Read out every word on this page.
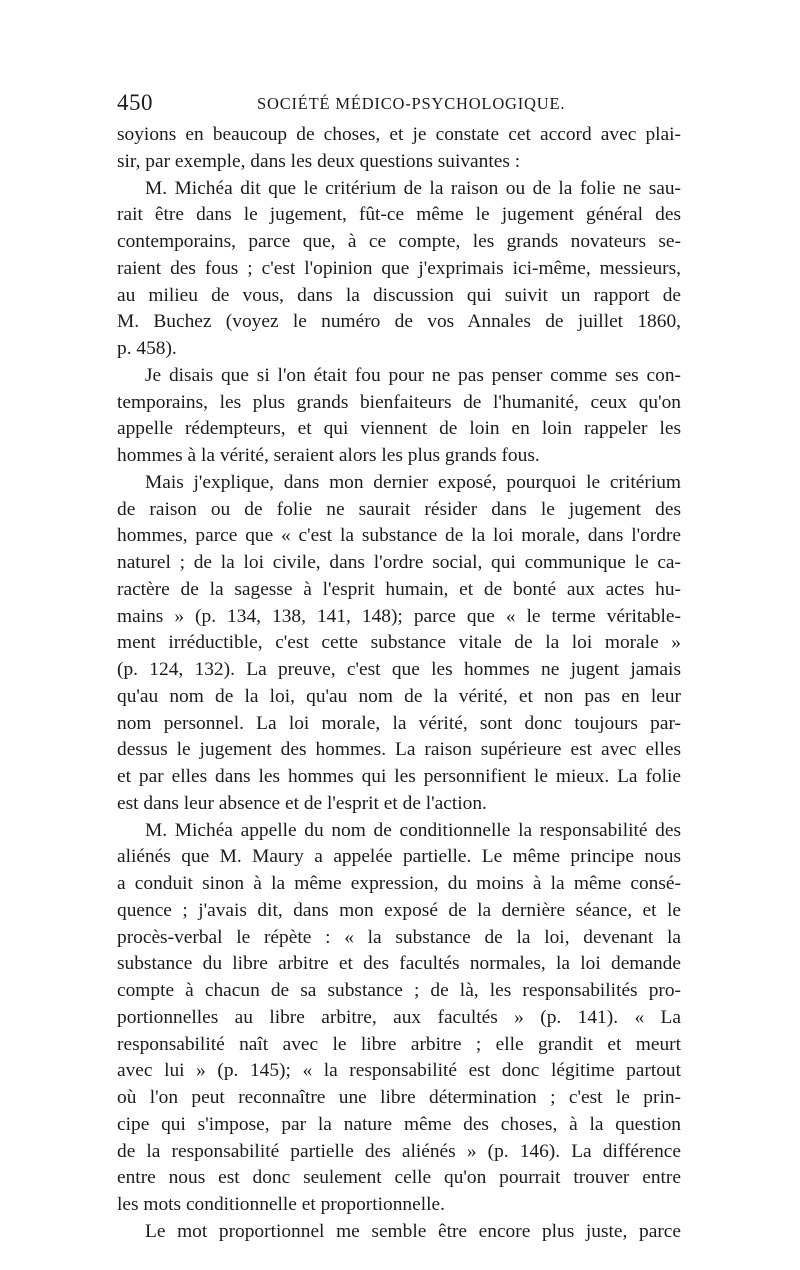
450	SOCIÉTÉ MÉDICO-PSYCHOLOGIQUE.
soyions en beaucoup de choses, et je constate cet accord avec plai-
sir, par exemple, dans les deux questions suivantes :
M. Michéa dit que le critérium de la raison ou de la folie ne sau-
rait être dans le jugement, fût-ce même le jugement général des
contemporains, parce que, à ce compte, les grands novateurs se-
raient des fous ; c'est l'opinion que j'exprimais ici-même, messieurs,
au milieu de vous, dans la discussion qui suivit un rapport de
M. Buchez (voyez le numéro de vos Annales de juillet 1860,
p. 458).
Je disais que si l'on était fou pour ne pas penser comme ses con-
temporains, les plus grands bienfaiteurs de l'humanité, ceux qu'on
appelle rédempteurs, et qui viennent de loin en loin rappeler les
hommes à la vérité, seraient alors les plus grands fous.
Mais j'explique, dans mon dernier exposé, pourquoi le critérium
de raison ou de folie ne saurait résider dans le jugement des
hommes, parce que « c'est la substance de la loi morale, dans l'ordre
naturel ; de la loi civile, dans l'ordre social, qui communique le ca-
ractère de la sagesse à l'esprit humain, et de bonté aux actes hu-
mains » (p. 134, 138, 141, 148); parce que « le terme véritable-
ment irréductible, c'est cette substance vitale de la loi morale »
(p. 124, 132). La preuve, c'est que les hommes ne jugent jamais
qu'au nom de la loi, qu'au nom de la vérité, et non pas en leur
nom personnel. La loi morale, la vérité, sont donc toujours par-
dessus le jugement des hommes. La raison supérieure est avec elles
et par elles dans les hommes qui les personnifient le mieux. La folie
est dans leur absence et de l'esprit et de l'action.
M. Michéa appelle du nom de conditionnelle la responsabilité des
aliénés que M. Maury a appelée partielle. Le même principe nous
a conduit sinon à la même expression, du moins à la même consé-
quence ; j'avais dit, dans mon exposé de la dernière séance, et le
procès-verbal le répète : « la substance de la loi, devenant la
substance du libre arbitre et des facultés normales, la loi demande
compte à chacun de sa substance ; de là, les responsabilités pro-
portionnelles au libre arbitre, aux facultés » (p. 141). « La
responsabilité naît avec le libre arbitre ; elle grandit et meurt
avec lui » (p. 145); « la responsabilité est donc légitime partout
où l'on peut reconnaître une libre détermination ; c'est le prin-
cipe qui s'impose, par la nature même des choses, à la question
de la responsabilité partielle des aliénés » (p. 146). La différence
entre nous est donc seulement celle qu'on pourrait trouver entre
les mots conditionnelle et proportionnelle.
Le mot proportionnel me semble être encore plus juste, parce
